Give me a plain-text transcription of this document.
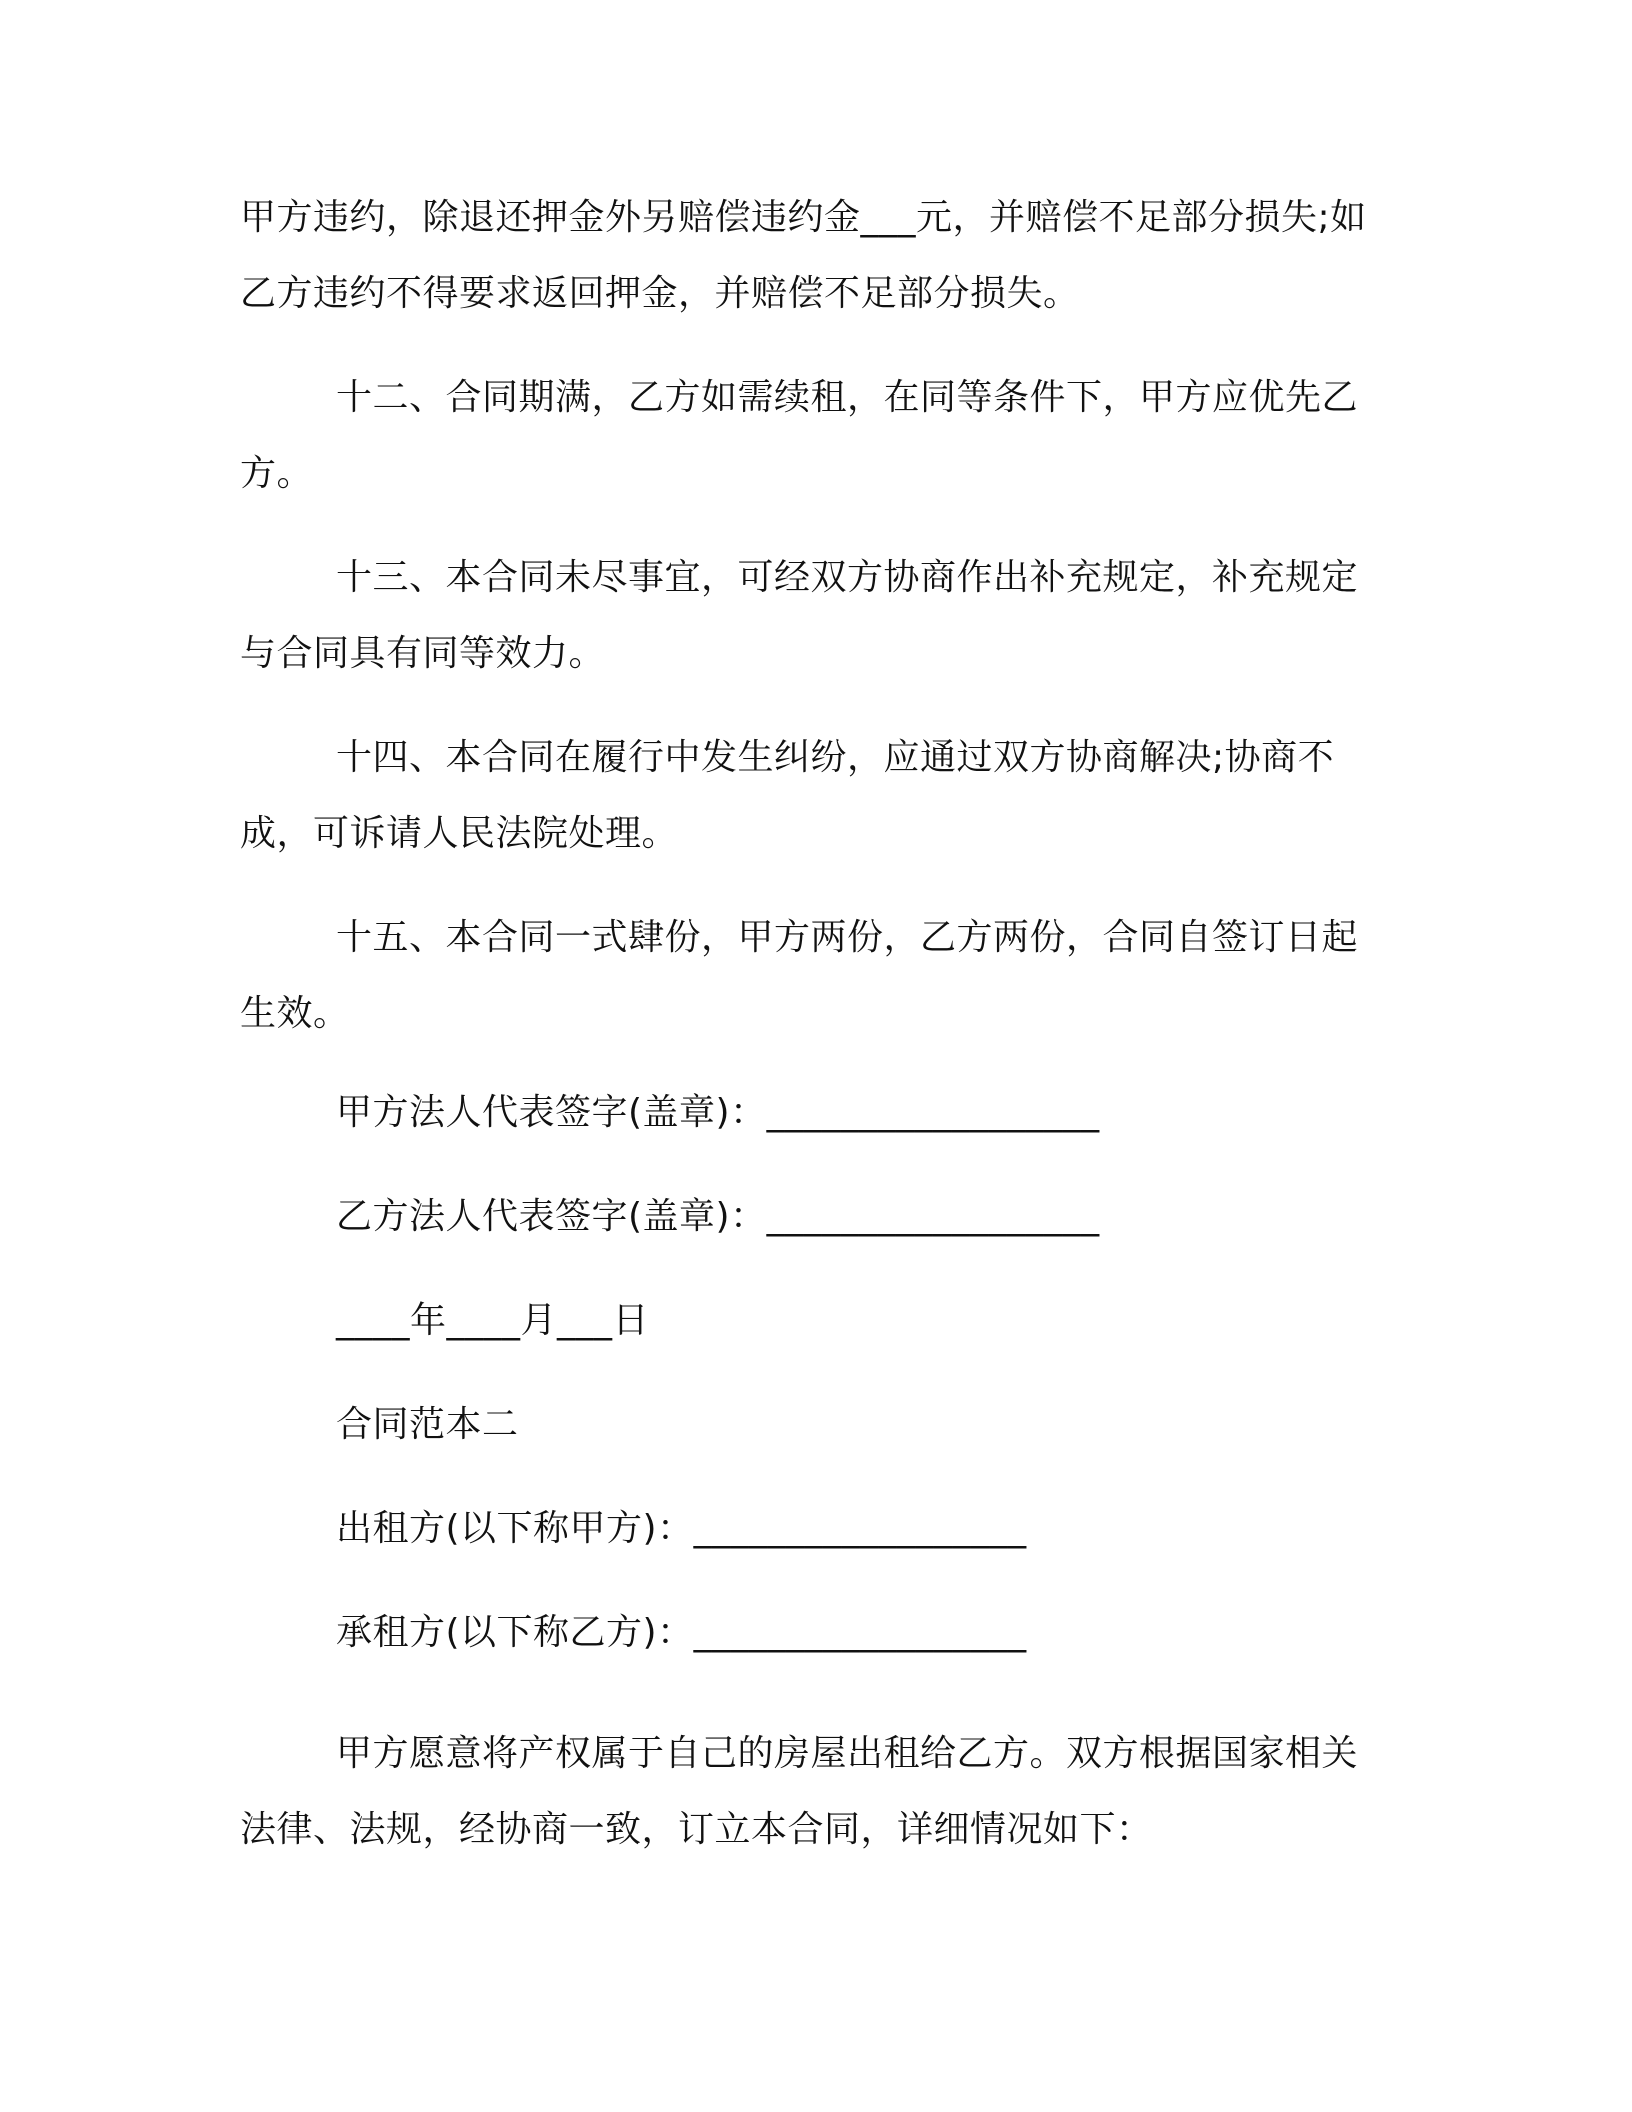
甲方违约，除退还押金外另赔偿违约金___元，并赔偿不足部分损失;如乙方违约不得要求返回押金，并赔偿不足部分损失。

十二、合同期满，乙方如需续租，在同等条件下，甲方应优先乙方。

十三、本合同未尽事宜，可经双方协商作出补充规定，补充规定与合同具有同等效力。

十四、本合同在履行中发生纠纷，应通过双方协商解决;协商不成，可诉请人民法院处理。

十五、本合同一式肆份，甲方两份，乙方两份，合同自签订日起生效。

甲方法人代表签字(盖章)：__________________

乙方法人代表签字(盖章)：__________________

____年____月___日

合同范本二

出租方(以下称甲方)：__________________

承租方(以下称乙方)：__________________

甲方愿意将产权属于自己的房屋出租给乙方。双方根据国家相关法律、法规，经协商一致，订立本合同，详细情况如下：
